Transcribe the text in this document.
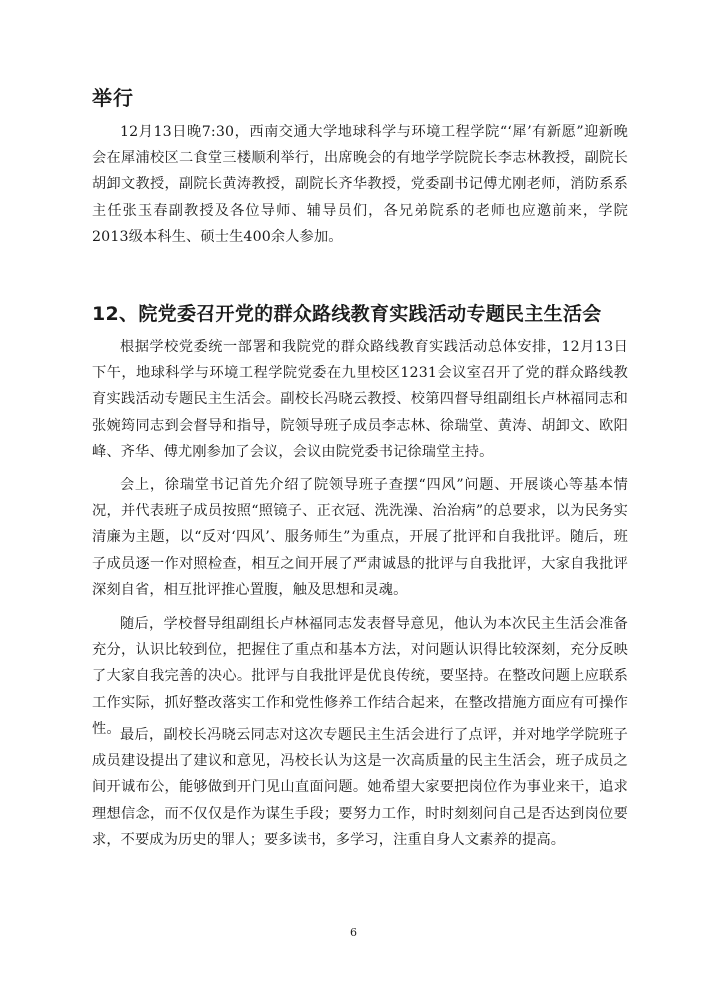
举行

12月13日晚7:30，西南交通大学地球科学与环境工程学院“‘犀’有新愿”迎新晚会在犀浦校区二食堂三楼顺利举行，出席晚会的有地学学院院长李志林教授，副院长胡卸文教授，副院长黄涛教授，副院长齐华教授，党委副书记傅尤刚老师，消防系系主任张玉春副教授及各位导师、辅导员们，各兄弟院系的老师也应邀前来，学院2013级本科生、硕士生400余人参加。

12、院党委召开党的群众路线教育实践活动专题民主生活会

根据学校党委统一部署和我院党的群众路线教育实践活动总体安排，12月13日下午，地球科学与环境工程学院党委在九里校区1231会议室召开了党的群众路线教育实践活动专题民主生活会。副校长冯晓云教授、校第四督导组副组长卢林福同志和张婉筠同志到会督导和指导，院领导班子成员李志林、徐瑞堂、黄涛、胡卸文、欧阳峰、齐华、傅尤刚参加了会议，会议由院党委书记徐瑞堂主持。

会上，徐瑞堂书记首先介绍了院领导班子查摆“四风”问题、开展谈心等基本情况，并代表班子成员按照“照镜子、正衣冠、洗洗澡、治治病”的总要求，以为民务实清廉为主题，以“反对‘四风’、服务师生”为重点，开展了批评和自我批评。随后，班子成员逐一作对照检查，相互之间开展了严肃诚恳的批评与自我批评，大家自我批评深刻自省，相互批评推心置腹，触及思想和灵魂。

随后，学校督导组副组长卢林福同志发表督导意见，他认为本次民主生活会准备充分，认识比较到位，把握住了重点和基本方法，对问题认识得比较深刻，充分反映了大家自我完善的决心。批评与自我批评是优良传统，要坚持。在整改问题上应联系工作实际，抓好整改落实工作和党性修养工作结合起来，在整改措施方面应有可操作性。 最后，副校长冯晓云同志对这次专题民主生活会进行了点评，并对地学学院班子成员建设提出了建议和意见，冯校长认为这是一次高质量的民主生活会，班子成员之间开诚布公，能够做到开门见山直面问题。她希望大家要把岗位作为事业来干，追求理想信念，而不仅仅是作为谋生手段；要努力工作，时时刻刻问自己是否达到岗位要求，不要成为历史的罪人；要多读书，多学习，注重自身人文素养的提高。

6
